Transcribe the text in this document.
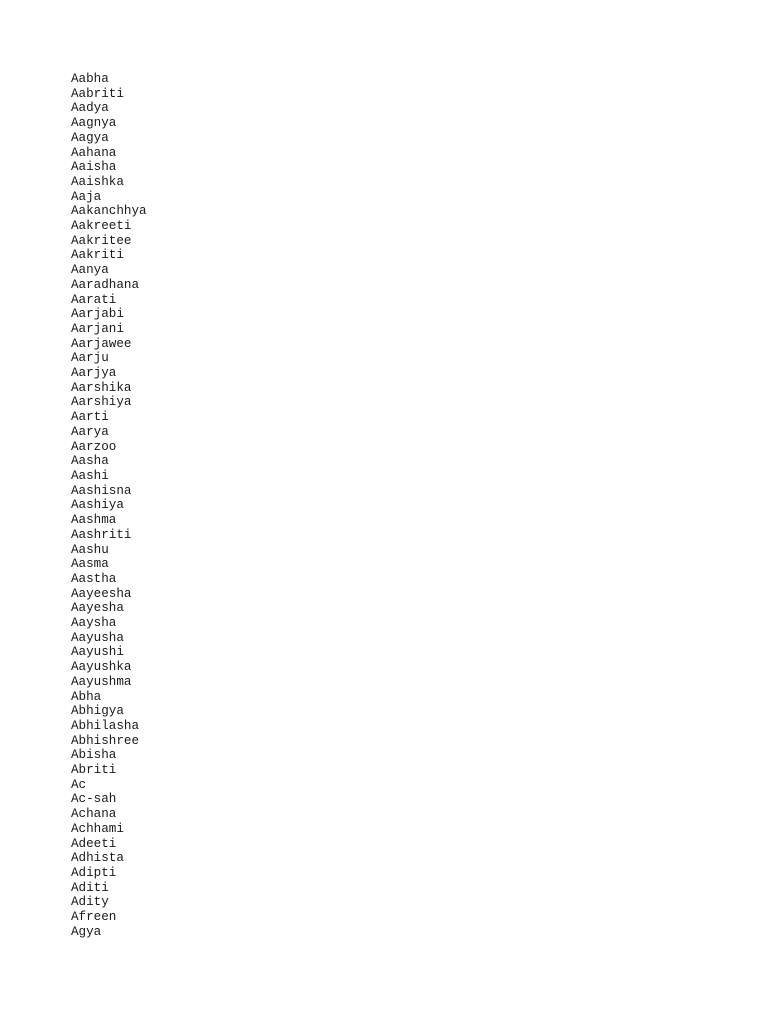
Aabha
Aabriti
Aadya
Aagnya
Aagya
Aahana
Aaisha
Aaishka
Aaja
Aakanchhya
Aakreeti
Aakritee
Aakriti
Aanya
Aaradhana
Aarati
Aarjabi
Aarjani
Aarjawee
Aarju
Aarjya
Aarshika
Aarshiya
Aarti
Aarya
Aarzoo
Aasha
Aashi
Aashisna
Aashiya
Aashma
Aashriti
Aashu
Aasma
Aastha
Aayeesha
Aayesha
Aaysha
Aayusha
Aayushi
Aayushka
Aayushma
Abha
Abhigya
Abhilasha
Abhishree
Abisha
Abriti
Ac
Ac-sah
Achana
Achhami
Adeeti
Adhista
Adipti
Aditi
Adity
Afreen
Agya
